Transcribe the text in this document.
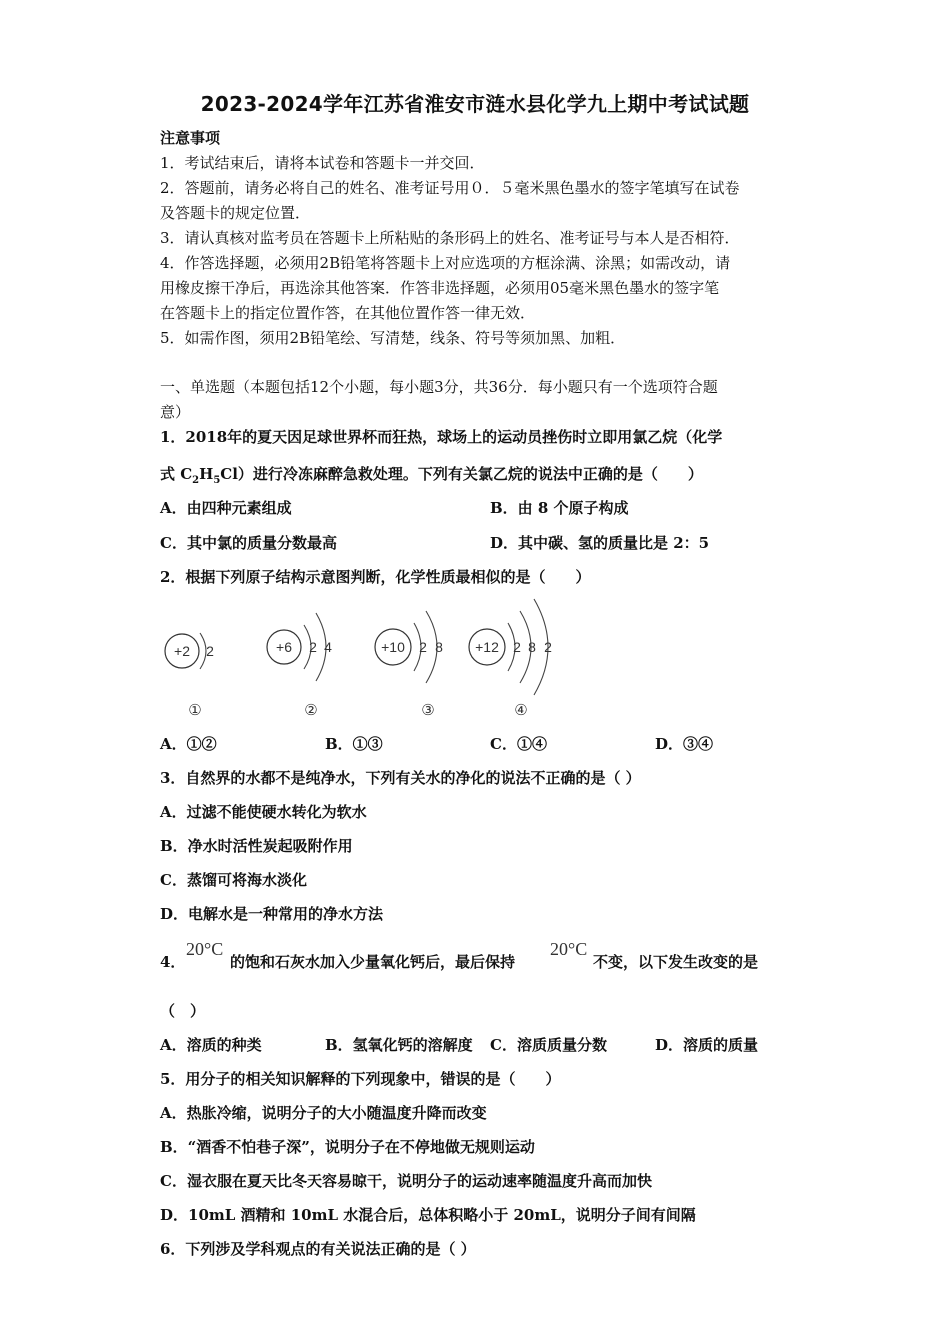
2023-2024学年江苏省淮安市涟水县化学九上期中考试试题
注意事项
1．考试结束后，请将本试卷和答题卡一并交回．
2．答题前，请务必将自己的姓名、准考证号用０．５毫米黑色墨水的签字笔填写在试卷
及答题卡的规定位置．
3．请认真核对监考员在答题卡上所粘贴的条形码上的姓名、准考证号与本人是否相符．
4．作答选择题，必须用2B铅笔将答题卡上对应选项的方框涂满、涂黑；如需改动，请
用橡皮擦干净后，再选涂其他答案．作答非选择题，必须用05毫米黑色墨水的签字笔
在答题卡上的指定位置作答，在其他位置作答一律无效．
5．如需作图，须用2B铅笔绘、写清楚，线条、符号等须加黑、加粗．
一、单选题（本题包括12个小题，每小题3分，共36分．每小题只有一个选项符合题
意）
1．2018年的夏天因足球世界杯而狂热，球场上的运动员挫伤时立即用氯乙烷（化学
式 $C_2H_5Cl$）进行冷冻麻醉急救处理。下列有关氯乙烷的说法中正确的是（　　）
A．由四种元素组成	B．由 8 个原子构成
C．其中氯的质量分数最高	D．其中碳、氢的质量比是 2：5
2．根据下列原子结构示意图判断，化学性质最相似的是（　　）
+2 2
①
+6 2 4
②
+10 2 8
③
+12 2 8 2
④
A．①②	B．①③	C．①④	D．③④
3．自然界的水都不是纯净水，下列有关水的净化的说法不正确的是（ ）
A．过滤不能使硬水转化为软水
B．净水时活性炭起吸附作用
C．蒸馏可将海水淡化
D．电解水是一种常用的净水方法
4．
20°C
的饱和石灰水加入少量氧化钙后，最后保持
20°C
不变，以下发生改变的是
（　）
A．溶质的种类	B．氢氧化钙的溶解度 C．溶质质量分数	D．溶质的质量
5．用分子的相关知识解释的下列现象中，错误的是（　　）
A．热胀冷缩，说明分子的大小随温度升降而改变
B．“酒香不怕巷子深”，说明分子在不停地做无规则运动
C．湿衣服在夏天比冬天容易晾干，说明分子的运动速率随温度升高而加快
D．10mL 酒精和 10mL 水混合后，总体积略小于 20mL，说明分子间有间隔
6．下列涉及学科观点的有关说法正确的是（ ）
